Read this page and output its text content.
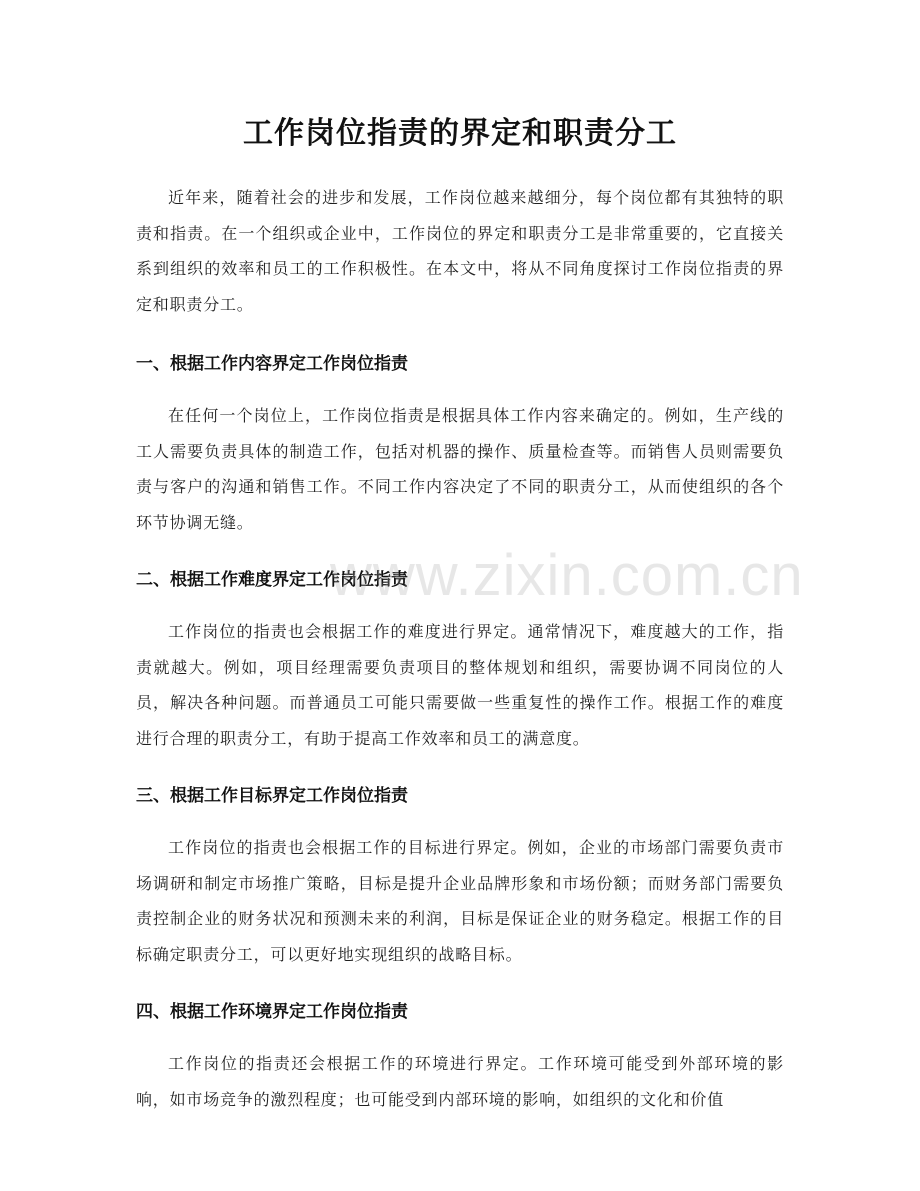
工作岗位指责的界定和职责分工

近年来，随着社会的进步和发展，工作岗位越来越细分，每个岗位都有其独特的职责和指责。在一个组织或企业中，工作岗位的界定和职责分工是非常重要的，它直接关系到组织的效率和员工的工作积极性。在本文中，将从不同角度探讨工作岗位指责的界定和职责分工。

一、根据工作内容界定工作岗位指责

在任何一个岗位上，工作岗位指责是根据具体工作内容来确定的。例如，生产线的工人需要负责具体的制造工作，包括对机器的操作、质量检查等。而销售人员则需要负责与客户的沟通和销售工作。不同工作内容决定了不同的职责分工，从而使组织的各个环节协调无缝。

二、根据工作难度界定工作岗位指责

工作岗位的指责也会根据工作的难度进行界定。通常情况下，难度越大的工作，指责就越大。例如，项目经理需要负责项目的整体规划和组织，需要协调不同岗位的人员，解决各种问题。而普通员工可能只需要做一些重复性的操作工作。根据工作的难度进行合理的职责分工，有助于提高工作效率和员工的满意度。

三、根据工作目标界定工作岗位指责

工作岗位的指责也会根据工作的目标进行界定。例如，企业的市场部门需要负责市场调研和制定市场推广策略，目标是提升企业品牌形象和市场份额；而财务部门需要负责控制企业的财务状况和预测未来的利润，目标是保证企业的财务稳定。根据工作的目标确定职责分工，可以更好地实现组织的战略目标。

四、根据工作环境界定工作岗位指责

工作岗位的指责还会根据工作的环境进行界定。工作环境可能受到外部环境的影响，如市场竞争的激烈程度；也可能受到内部环境的影响，如组织的文化和价值

www.zixin.com.cn
